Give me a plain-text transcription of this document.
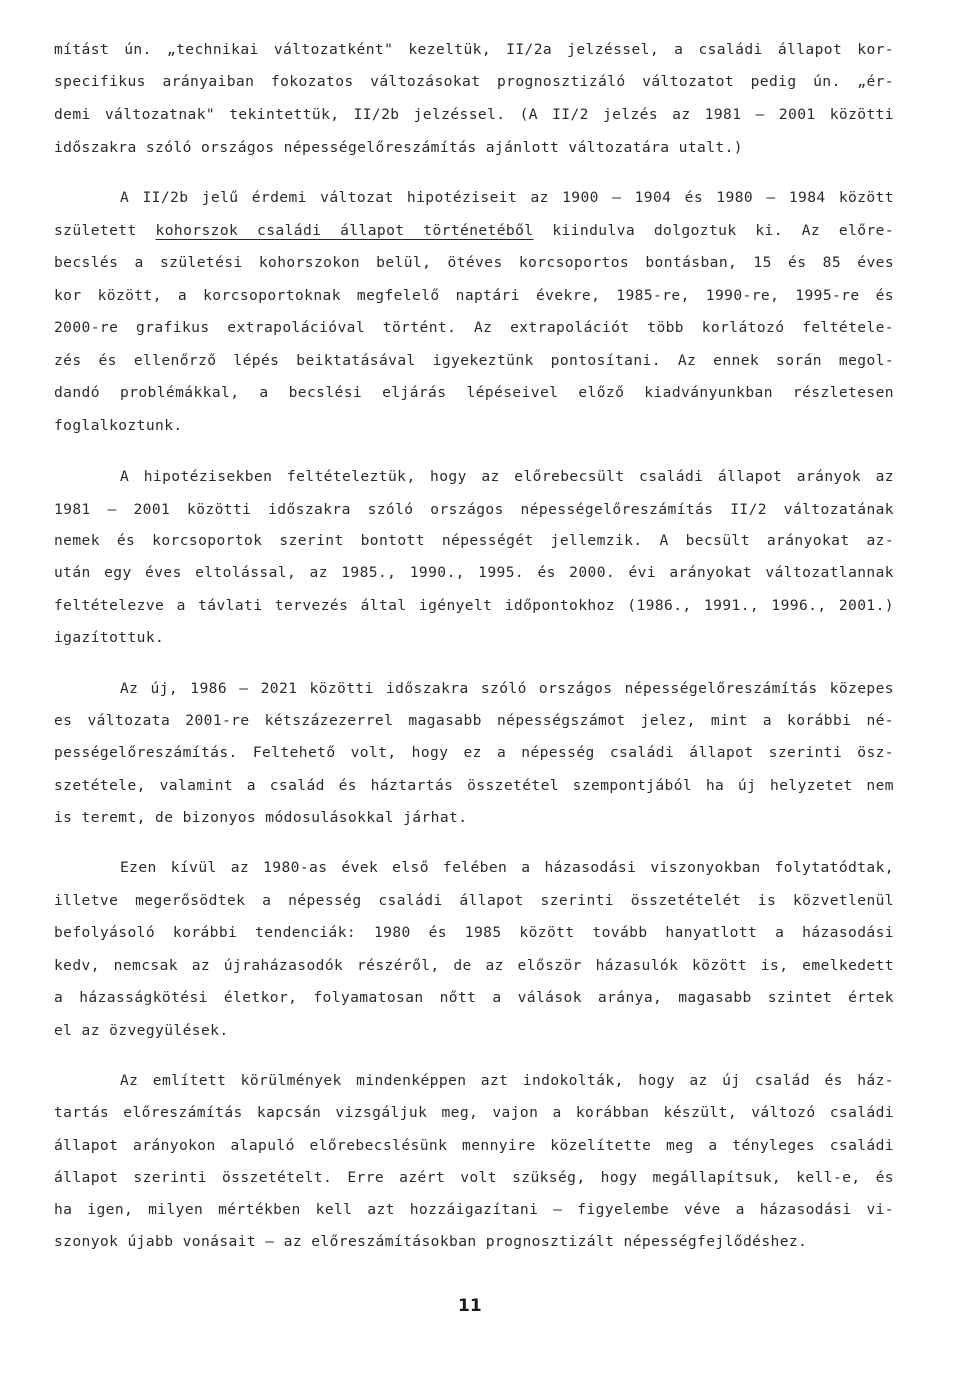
mítást ún. „technikai változatként" kezeltük, II/2a jelzéssel, a családi állapot kor-
specifikus arányaiban fokozatos változásokat prognosztizáló változatot pedig ún. „ér-
demi változatnak" tekintettük, II/2b jelzéssel. (A II/2 jelzés az 1981 – 2001 közötti
időszakra szóló országos népességelőreszámítás ajánlott változatára utalt.)
A II/2b jelű érdemi változat hipotéziseit az 1900 – 1904 és 1980 – 1984 között
született kohorszok családi állapot történetéből kiindulva dolgoztuk ki. Az előre-
becslés a születési kohorszokon belül, ötéves korcsoportos bontásban, 15 és 85 éves
kor között, a korcsoportoknak megfelelő naptári évekre, 1985-re, 1990-re, 1995-re és
2000-re grafikus extrapolációval történt. Az extrapolációt több korlátozó feltétele-
zés és ellenőrző lépés beiktatásával igyekeztünk pontosítani. Az ennek során megol-
dandó problémákkal, a becslési eljárás lépéseivel előző kiadványunkban részletesen
foglalkoztunk.
A hipotézisekben feltételeztük, hogy az előrebecsült családi állapot arányok az
1981 – 2001 közötti időszakra szóló országos népességelőreszámítás II/2 változatának
nemek és korcsoportok szerint bontott népességét jellemzik. A becsült arányokat az-
után egy éves eltolással, az 1985., 1990., 1995. és 2000. évi arányokat változatlannak
feltételezve a távlati tervezés által igényelt időpontokhoz (1986., 1991., 1996., 2001.)
igazítottuk.
Az új, 1986 – 2021 közötti időszakra szóló országos népességelőreszámítás közepes
es változata 2001-re kétszázezerrel magasabb népességszámot jelez, mint a korábbi né-
pességelőreszámítás. Feltehető volt, hogy ez a népesség családi állapot szerinti ösz-
szetétele, valamint a család és háztartás összetétel szempontjából ha új helyzetet nem
is teremt, de bizonyos módosulásokkal járhat.
Ezen kívül az 1980-as évek első felében a házasodási viszonyokban folytatódtak,
illetve megerősödtek a népesség családi állapot szerinti összetételét is közvetlenül
befolyásoló korábbi tendenciák: 1980 és 1985 között tovább hanyatlott a házasodási
kedv, nemcsak az újraházasodók részéről, de az először házasulók között is, emelkedett
a házasságkötési életkor, folyamatosan nőtt a válások aránya, magasabb szintet értek
el az özvegyülések.
Az említett körülmények mindenképpen azt indokolták, hogy az új család és ház-
tartás előreszámítás kapcsán vizsgáljuk meg, vajon a korábban készült, változó családi
állapot arányokon alapuló előrebecslésünk mennyire közelítette meg a tényleges családi
állapot szerinti összetételt. Erre azért volt szükség, hogy megállapítsuk, kell-e, és
ha igen, milyen mértékben kell azt hozzáigazítani – figyelembe véve a házasodási vi-
szonyok újabb vonásait – az előreszámításokban prognosztizált népességfejlődéshez.
11
